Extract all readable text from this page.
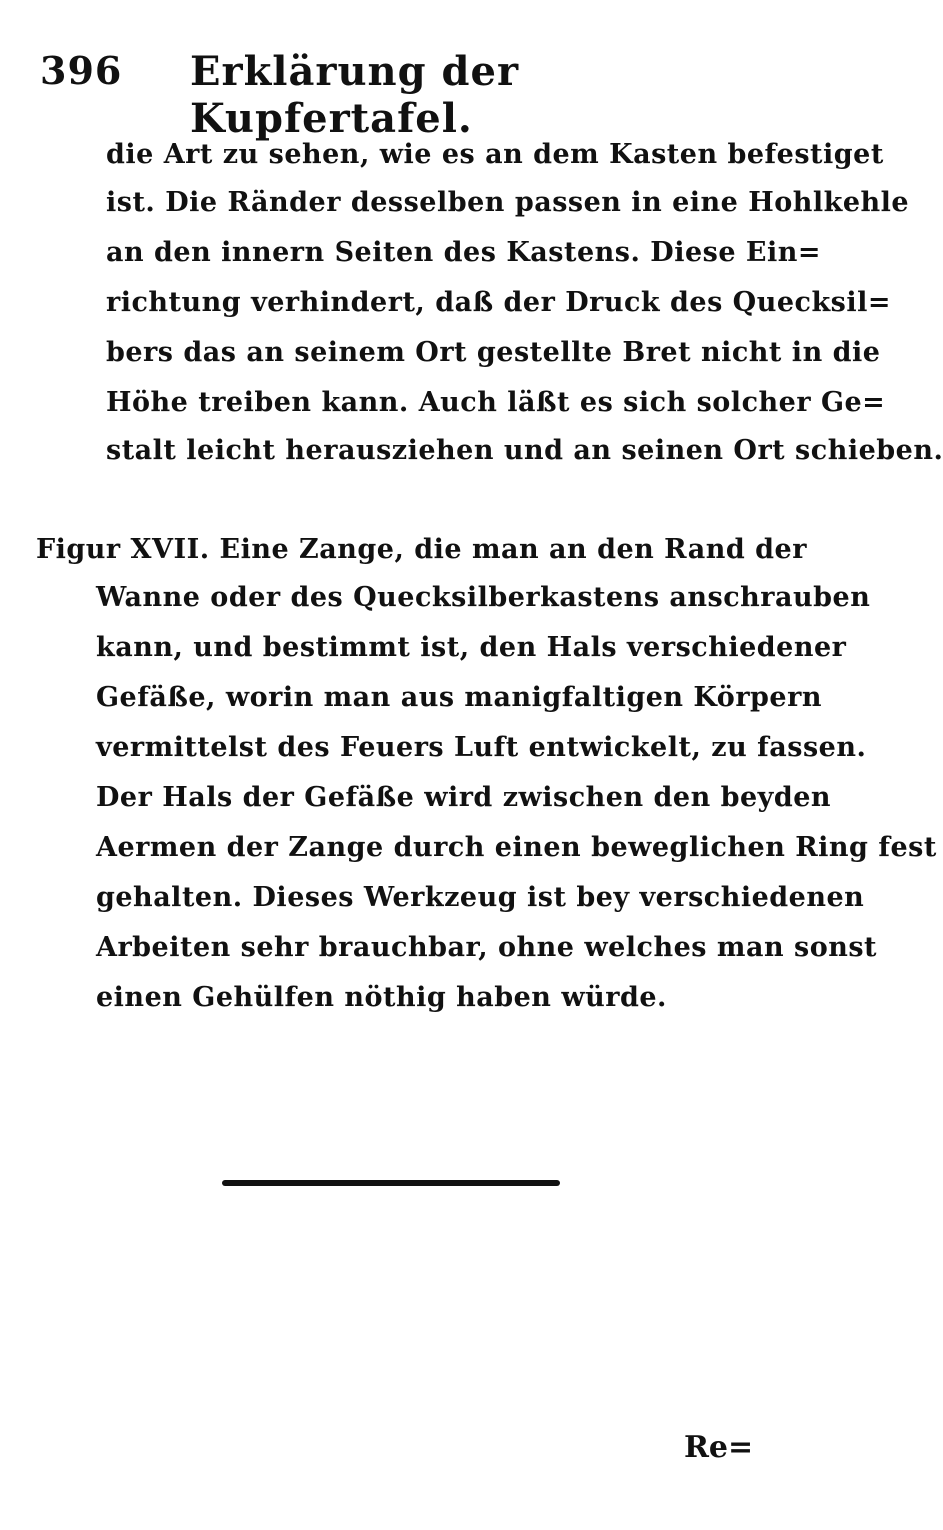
396 Erklärung der Kupfertafel.
die Art zu sehen, wie es an dem Kasten befestiget
ist. Die Ränder desselben passen in eine Hohlkehle
an den innern Seiten des Kastens. Diese Ein=
richtung verhindert, daß der Druck des Quecksil=
bers das an seinem Ort gestellte Bret nicht in die
Höhe treiben kann. Auch läßt es sich solcher Ge=
stalt leicht herausziehen und an seinen Ort schieben.
Figur XVII. Eine Zange, die man an den Rand der
Wanne oder des Quecksilberkastens anschrauben
kann, und bestimmt ist, den Hals verschiedener
Gefäße, worin man aus manigfaltigen Körpern
vermittelst des Feuers Luft entwickelt, zu fassen.
Der Hals der Gefäße wird zwischen den beyden
Aermen der Zange durch einen beweglichen Ring fest
gehalten. Dieses Werkzeug ist bey verschiedenen
Arbeiten sehr brauchbar, ohne welches man sonst
einen Gehülfen nöthig haben würde.
Re=
